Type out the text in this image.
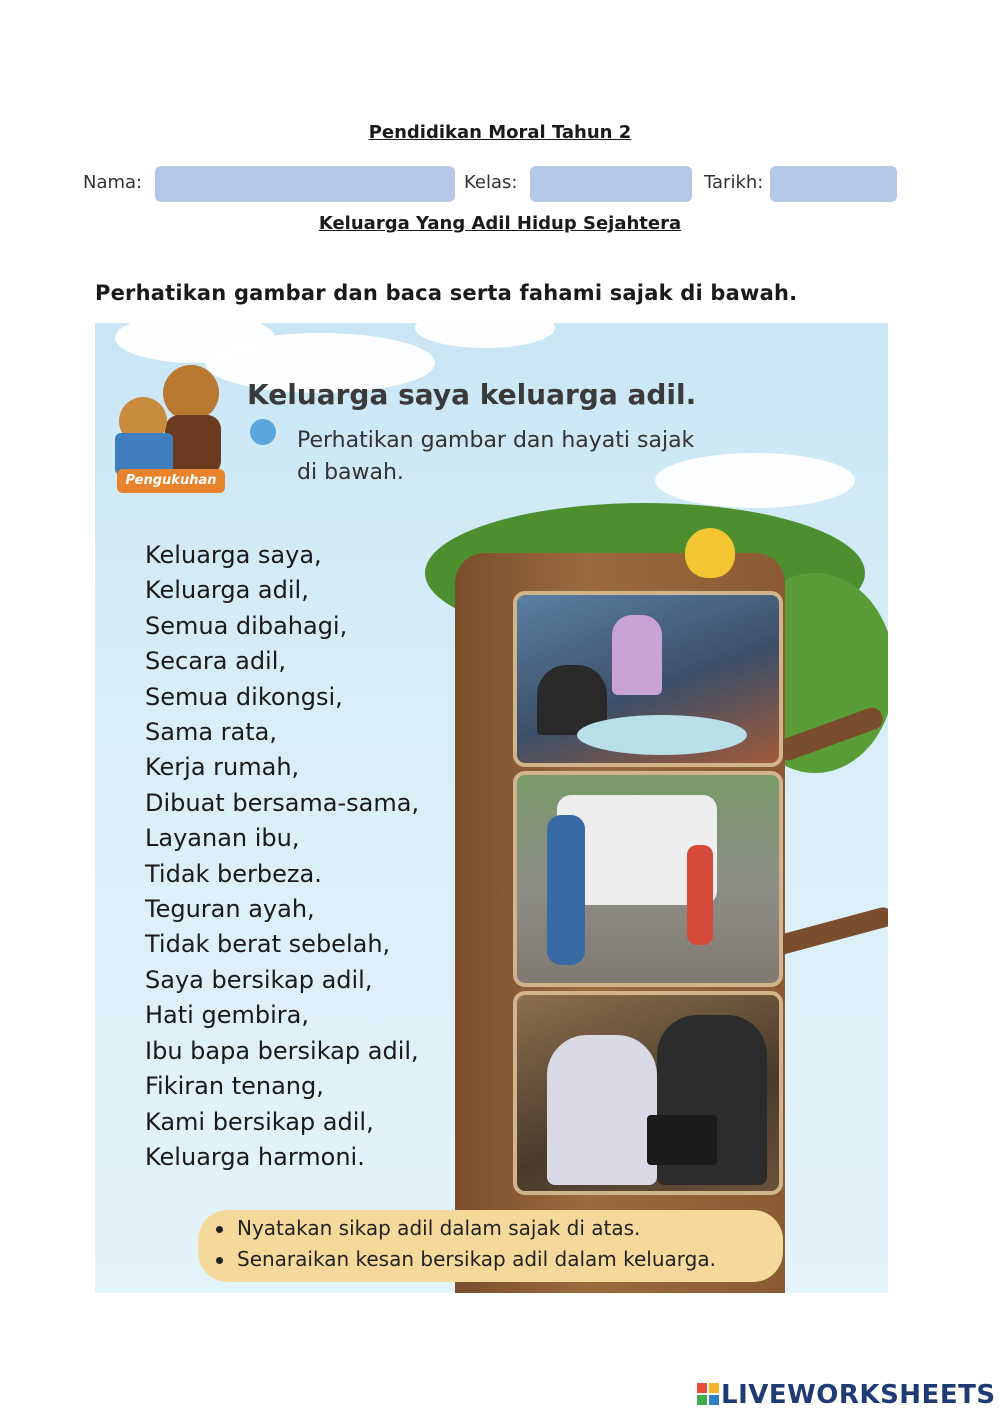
Pendidikan Moral Tahun 2
Nama:	Kelas:	Tarikh:
Keluarga Yang Adil Hidup Sejahtera
Perhatikan gambar dan baca serta fahami sajak di bawah.
Pengukuhan
Keluarga saya keluarga adil.
Perhatikan gambar dan hayati sajak di bawah.
Keluarga saya,
Keluarga adil,
Semua dibahagi,
Secara adil,
Semua dikongsi,
Sama rata,
Kerja rumah,
Dibuat bersama-sama,
Layanan ibu,
Tidak berbeza.
Teguran ayah,
Tidak berat sebelah,
Saya bersikap adil,
Hati gembira,
Ibu bapa bersikap adil,
Fikiran tenang,
Kami bersikap adil,
Keluarga harmoni.
Nyatakan sikap adil dalam sajak di atas.
Senaraikan kesan bersikap adil dalam keluarga.
LIVEWORKSHEETS
